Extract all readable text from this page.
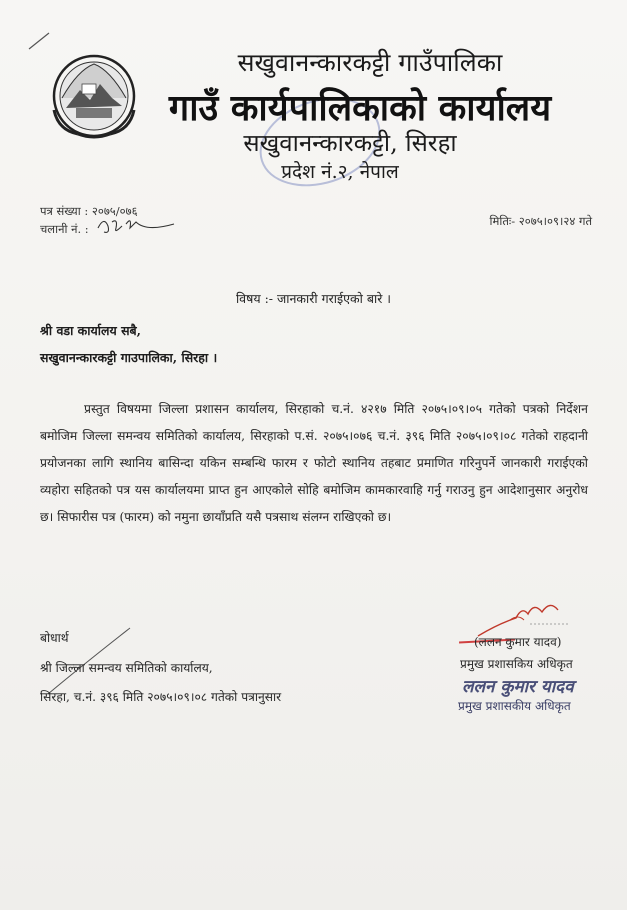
सखुवानन्कारकट्टी गाउँपालिका
गाउँ कार्यपालिकाको कार्यालय
सखुवानन्कारकट्टी, सिरहा
प्रदेश नं.२, नेपाल
पत्र संख्या : २०७५/०७६
चलानी नं. :
मितिः- २०७५।०९।२४ गते
विषय :- जानकारी गराईएको बारे ।
श्री वडा कार्यालय सबै,
सखुवानन्कारकट्टी गाउपालिका, सिरहा ।
प्रस्तुत विषयमा जिल्ला प्रशासन कार्यालय, सिरहाको च.नं. ४२१७ मिति २०७५।०९।०५ गतेको पत्रको निर्देशन बमोजिम जिल्ला समन्वय समितिको कार्यालय, सिरहाको प.सं. २०७५।०७६ च.नं. ३९६ मिति २०७५।०९।०८ गतेको राहदानी प्रयोजनका लागि स्थानिय बासिन्दा यकिन सम्बन्धि फारम र फोटो स्थानिय तहबाट प्रमाणित गरिनुपर्ने जानकारी गराईएको व्यहोरा सहितको पत्र यस कार्यालयमा प्राप्त हुन आएकोले सोहि बमोजिम कामकारवाहि गर्नु गराउनु हुन आदेशानुसार अनुरोध छ। सिफारीस पत्र (फारम) को नमुना छायाँप्रति यसै पत्रसाथ संलग्न राखिएको छ।
बोधार्थ
श्री जिल्ला समन्वय समितिको कार्यालय,
सिरहा, च.नं. ३९६ मिति २०७५।०९।०८ गतेको पत्रानुसार
(ललन कुमार यादव)
प्रमुख प्रशासकिय अधिकृत
ललन कुमार यादव
प्रमुख प्रशासकीय अधिकृत
